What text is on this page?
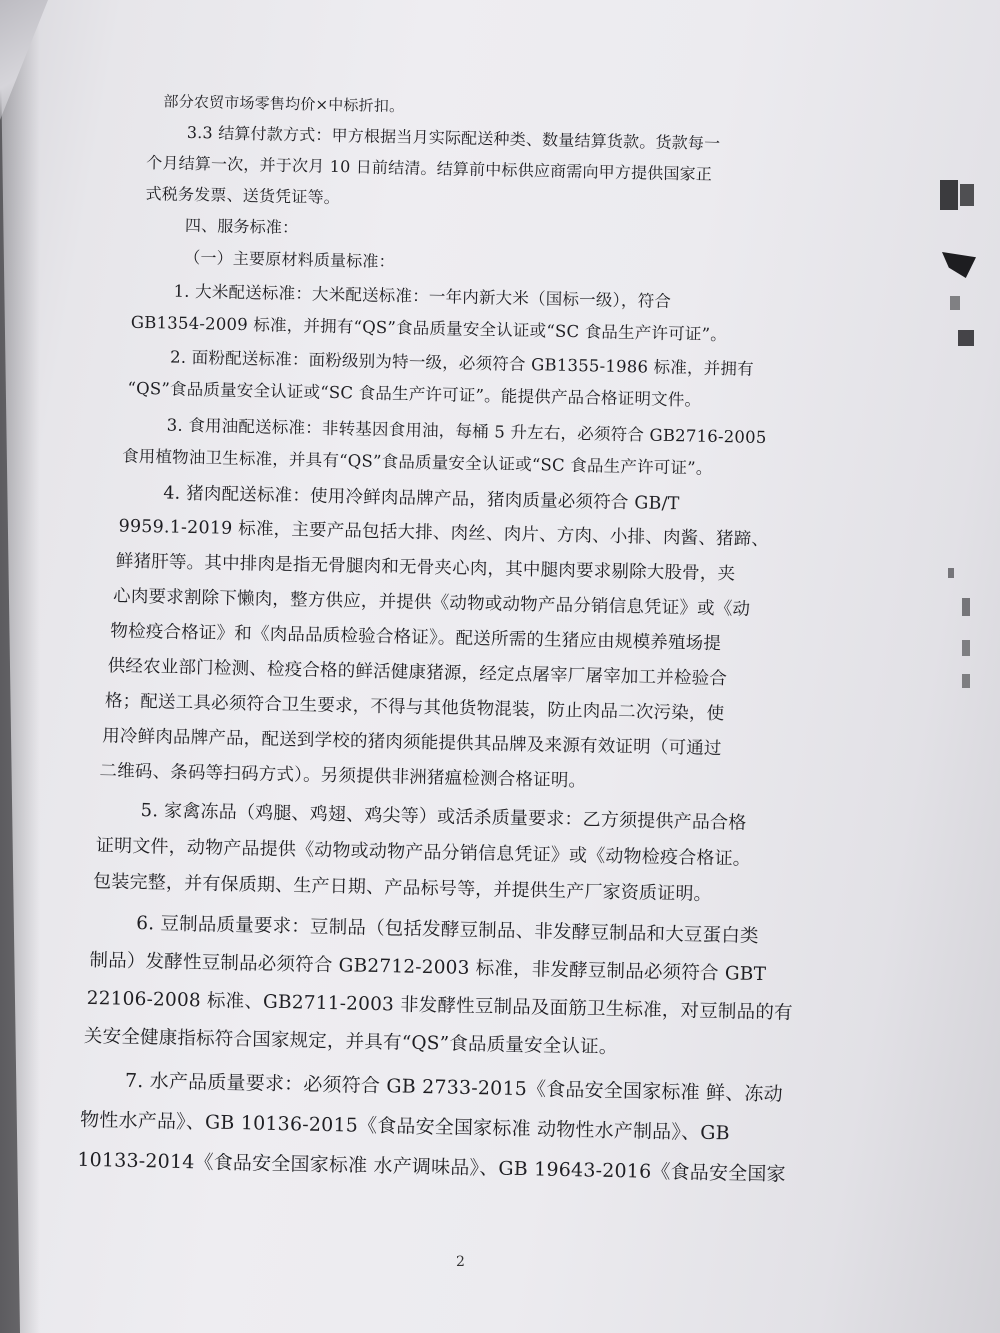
部分农贸市场零售均价×中标折扣。
3.3 结算付款方式：甲方根据当月实际配送种类、数量结算货款。货款每一
个月结算一次，并于次月 10 日前结清。结算前中标供应商需向甲方提供国家正
式税务发票、送货凭证等。
四、服务标准：
（一）主要原材料质量标准：
1. 大米配送标准：大米配送标准：一年内新大米（国标一级），符合
GB1354-2009 标准，并拥有“QS”食品质量安全认证或“SC 食品生产许可证”。
2. 面粉配送标准：面粉级别为特一级，必须符合 GB1355-1986 标准，并拥有
“QS”食品质量安全认证或“SC 食品生产许可证”。能提供产品合格证明文件。
3. 食用油配送标准：非转基因食用油，每桶 5 升左右，必须符合 GB2716-2005
食用植物油卫生标准，并具有“QS”食品质量安全认证或“SC 食品生产许可证”。
4. 猪肉配送标准：使用冷鲜肉品牌产品，猪肉质量必须符合 GB/T
9959.1-2019 标准，主要产品包括大排、肉丝、肉片、方肉、小排、肉酱、猪蹄、
鲜猪肝等。其中排肉是指无骨腿肉和无骨夹心肉，其中腿肉要求剔除大股骨，夹
心肉要求割除下懒肉，整方供应，并提供《动物或动物产品分销信息凭证》或《动
物检疫合格证》和《肉品品质检验合格证》。配送所需的生猪应由规模养殖场提
供经农业部门检测、检疫合格的鲜活健康猪源，经定点屠宰厂屠宰加工并检验合
格；配送工具必须符合卫生要求，不得与其他货物混装，防止肉品二次污染，使
用冷鲜肉品牌产品，配送到学校的猪肉须能提供其品牌及来源有效证明（可通过
二维码、条码等扫码方式）。另须提供非洲猪瘟检测合格证明。
5. 家禽冻品（鸡腿、鸡翅、鸡尖等）或活杀质量要求：乙方须提供产品合格
证明文件，动物产品提供《动物或动物产品分销信息凭证》或《动物检疫合格证。
包装完整，并有保质期、生产日期、产品标号等，并提供生产厂家资质证明。
6. 豆制品质量要求：豆制品（包括发酵豆制品、非发酵豆制品和大豆蛋白类
制品）发酵性豆制品必须符合 GB2712-2003 标准，非发酵豆制品必须符合 GBT
22106-2008 标准、GB2711-2003 非发酵性豆制品及面筋卫生标准，对豆制品的有
关安全健康指标符合国家规定，并具有“QS”食品质量安全认证。
7. 水产品质量要求：必须符合 GB 2733-2015《食品安全国家标准 鲜、冻动
物性水产品》、GB 10136-2015《食品安全国家标准 动物性水产制品》、GB
10133-2014《食品安全国家标准 水产调味品》、GB 19643-2016《食品安全国家
2
